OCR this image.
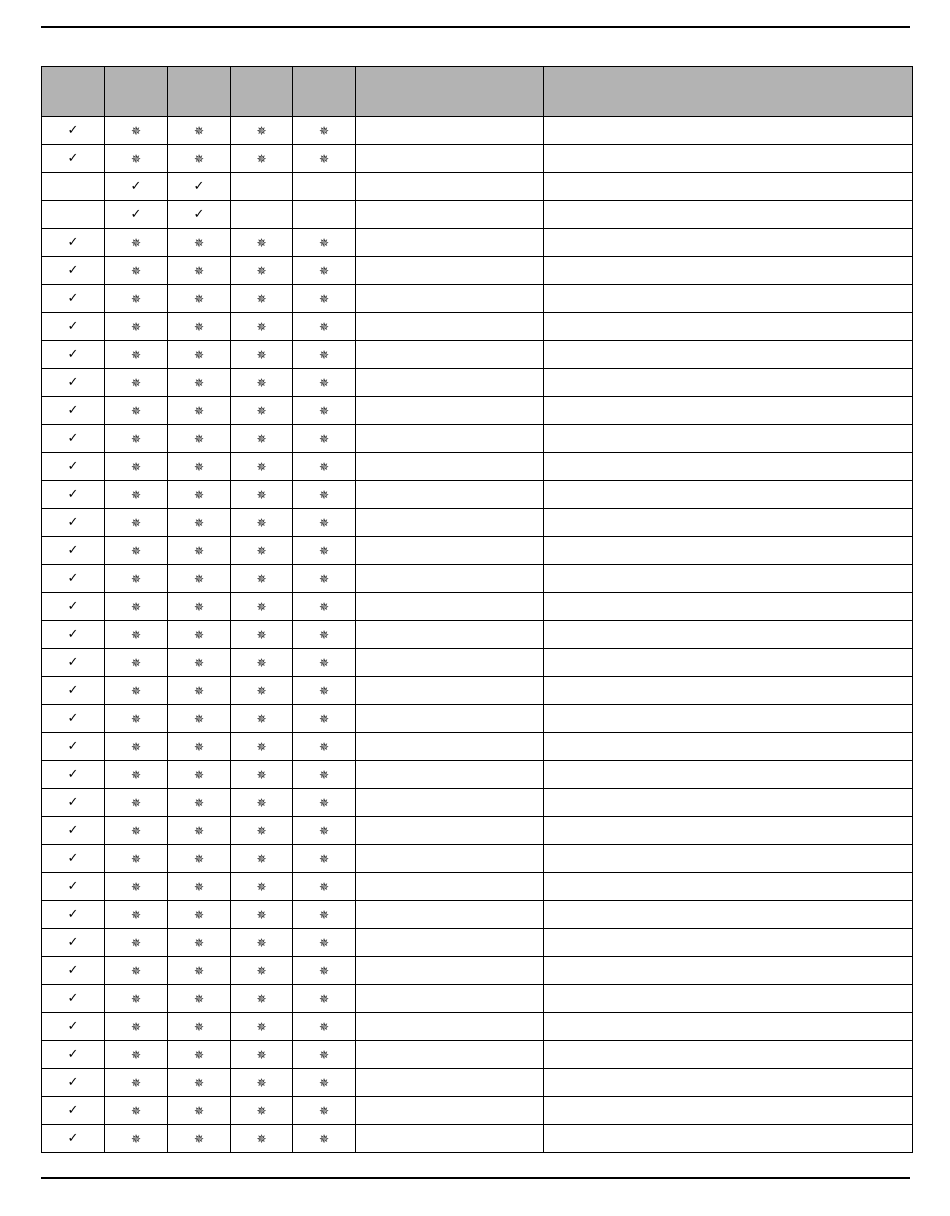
✓	✵	✵	✵	✵		
✓	✵	✵	✵	✵		
	✓	✓				
	✓	✓				
✓	✵	✵	✵	✵		
✓	✵	✵	✵	✵		
✓	✵	✵	✵	✵		
✓	✵	✵	✵	✵		
✓	✵	✵	✵	✵		
✓	✵	✵	✵	✵		
✓	✵	✵	✵	✵		
✓	✵	✵	✵	✵		
✓	✵	✵	✵	✵		
✓	✵	✵	✵	✵		
✓	✵	✵	✵	✵		
✓	✵	✵	✵	✵		
✓	✵	✵	✵	✵		
✓	✵	✵	✵	✵		
✓	✵	✵	✵	✵		
✓	✵	✵	✵	✵		
✓	✵	✵	✵	✵		
✓	✵	✵	✵	✵		
✓	✵	✵	✵	✵		
✓	✵	✵	✵	✵		
✓	✵	✵	✵	✵		
✓	✵	✵	✵	✵		
✓	✵	✵	✵	✵		
✓	✵	✵	✵	✵		
✓	✵	✵	✵	✵		
✓	✵	✵	✵	✵		
✓	✵	✵	✵	✵		
✓	✵	✵	✵	✵		
✓	✵	✵	✵	✵		
✓	✵	✵	✵	✵		
✓	✵	✵	✵	✵		
✓	✵	✵	✵	✵		
✓	✵	✵	✵	✵		
